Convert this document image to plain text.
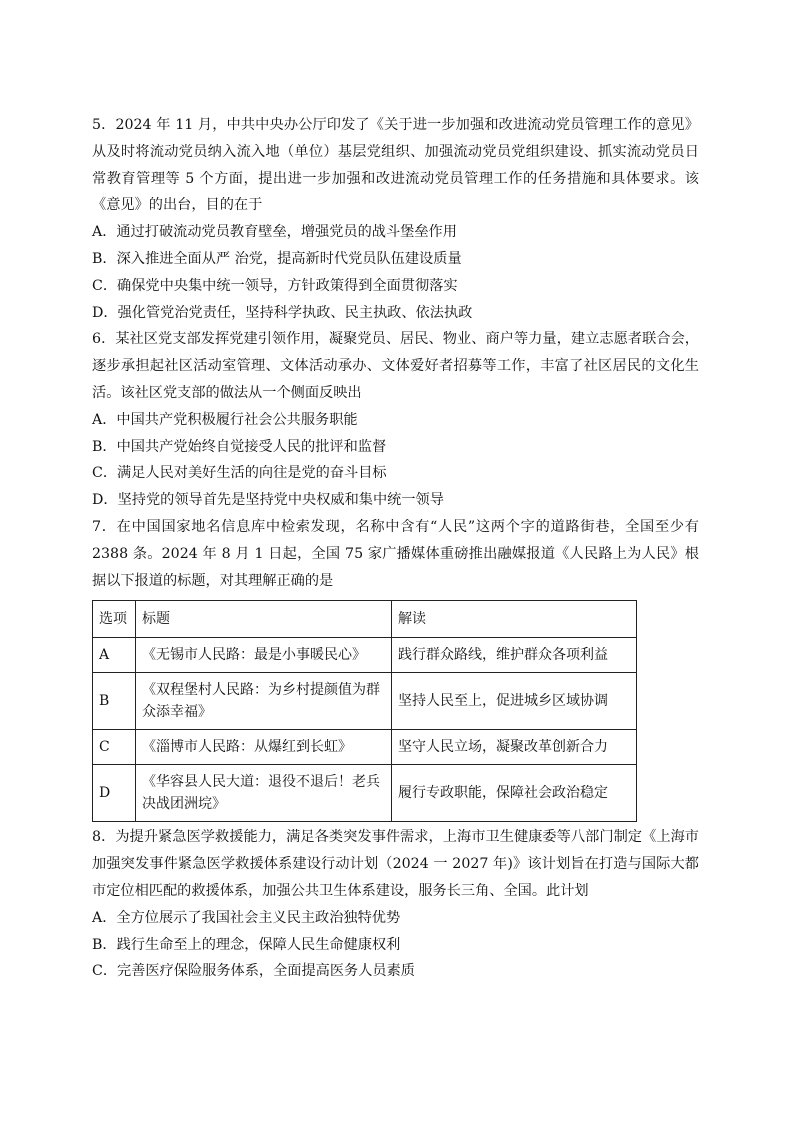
5．2024 年 11 月，中共中央办公厅印发了《关于进一步加强和改进流动党员管理工作的意见》从及时将流动党员纳入流入地（单位）基层党组织、加强流动党员党组织建设、抓实流动党员日常教育管理等 5 个方面，提出进一步加强和改进流动党员管理工作的任务措施和具体要求。该《意见》的出台，目的在于

A．通过打破流动党员教育壁垒，增强党员的战斗堡垒作用

B．深入推进全面从严 治党，提高新时代党员队伍建设质量

C．确保党中央集中统一领导，方针政策得到全面贯彻落实

D．强化管党治党责任，坚持科学执政、民主执政、依法执政

6．某社区党支部发挥党建引领作用，凝聚党员、居民、物业、商户等力量，建立志愿者联合会，逐步承担起社区活动室管理、文体活动承办、文体爱好者招募等工作，丰富了社区居民的文化生活。该社区党支部的做法从一个侧面反映出

A．中国共产党积极履行社会公共服务职能

B．中国共产党始终自觉接受人民的批评和监督

C．满足人民对美好生活的向往是党的奋斗目标

D．坚持党的领导首先是坚持党中央权威和集中统一领导

7．在中国国家地名信息库中检索发现，名称中含有“人民”这两个字的道路街巷，全国至少有 2388 条。2024 年 8 月 1 日起，全国 75 家广播媒体重磅推出融媒报道《人民路上为人民》根据以下报道的标题，对其理解正确的是

选项	标题	解读
A	《无锡市人民路：最是小事暖民心》	践行群众路线，维护群众各项利益
B	《双程堡村人民路：为乡村提颜值为群众添幸福》	坚持人民至上，促进城乡区域协调
C	《淄博市人民路：从爆红到长虹》	坚守人民立场，凝聚改革创新合力
D	《华容县人民大道：退役不退后！老兵决战团洲垸》	履行专政职能，保障社会政治稳定

8．为提升紧急医学救援能力，满足各类突发事件需求，上海市卫生健康委等八部门制定《上海市加强突发事件紧急医学救援体系建设行动计划（2024 一 2027 年)》该计划旨在打造与国际大都市定位相匹配的救援体系，加强公共卫生体系建设，服务长三角、全国。此计划

A．全方位展示了我国社会主义民主政治独特优势

B．践行生命至上的理念，保障人民生命健康权利

C．完善医疗保险服务体系，全面提高医务人员素质
